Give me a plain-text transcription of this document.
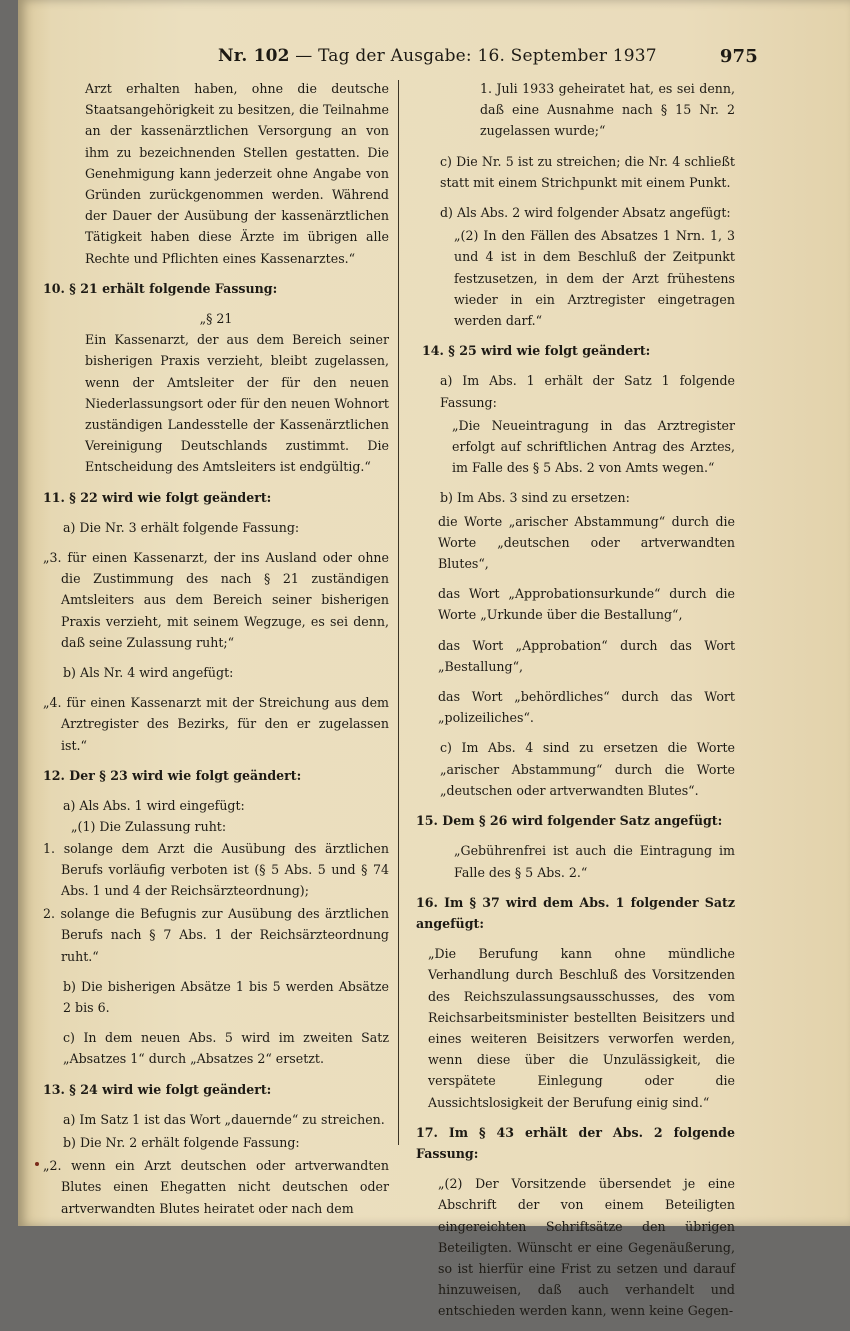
Nr. 102 — Tag der Ausgabe: 16. September 1937	975

Arzt erhalten haben, ohne die deutsche Staatsangehörigkeit zu besitzen, die Teilnahme an der kassenärztlichen Versorgung an von ihm zu bezeichnenden Stellen gestatten. Die Genehmigung kann jederzeit ohne Angabe von Gründen zurückgenommen werden. Während der Dauer der Ausübung der kassenärztlichen Tätigkeit haben diese Ärzte im übrigen alle Rechte und Pflichten eines Kassenarztes.“

10. § 21 erhält folgende Fassung:

„§ 21

Ein Kassenarzt, der aus dem Bereich seiner bisherigen Praxis verzieht, bleibt zugelassen, wenn der Amtsleiter der für den neuen Niederlassungsort oder für den neuen Wohnort zuständigen Landesstelle der Kassenärztlichen Vereinigung Deutschlands zustimmt. Die Entscheidung des Amtsleiters ist endgültig.“

11. § 22 wird wie folgt geändert:

a) Die Nr. 3 erhält folgende Fassung:

„3. für einen Kassenarzt, der ins Ausland oder ohne die Zustimmung des nach § 21 zuständigen Amtsleiters aus dem Bereich seiner bisherigen Praxis verzieht, mit seinem Wegzuge, es sei denn, daß seine Zulassung ruht;“

b) Als Nr. 4 wird angefügt:

„4. für einen Kassenarzt mit der Streichung aus dem Arztregister des Bezirks, für den er zugelassen ist.“

12. Der § 23 wird wie folgt geändert:

a) Als Abs. 1 wird eingefügt:

„(1) Die Zulassung ruht:

1. solange dem Arzt die Ausübung des ärztlichen Berufs vorläufig verboten ist (§ 5 Abs. 5 und § 74 Abs. 1 und 4 der Reichsärzteordnung);

2. solange die Befugnis zur Ausübung des ärztlichen Berufs nach § 7 Abs. 1 der Reichsärzteordnung ruht.“

b) Die bisherigen Absätze 1 bis 5 werden Absätze 2 bis 6.

c) In dem neuen Abs. 5 wird im zweiten Satz „Absatzes 1“ durch „Absatzes 2“ ersetzt.

13. § 24 wird wie folgt geändert:

a) Im Satz 1 ist das Wort „dauernde“ zu streichen.

b) Die Nr. 2 erhält folgende Fassung:

„2. wenn ein Arzt deutschen oder artverwandten Blutes einen Ehegatten nicht deutschen oder artverwandten Blutes heiratet oder nach dem

1. Juli 1933 geheiratet hat, es sei denn, daß eine Ausnahme nach § 15 Nr. 2 zugelassen wurde;“

c) Die Nr. 5 ist zu streichen; die Nr. 4 schließt statt mit einem Strichpunkt mit einem Punkt.

d) Als Abs. 2 wird folgender Absatz angefügt:

„(2) In den Fällen des Absatzes 1 Nrn. 1, 3 und 4 ist in dem Beschluß der Zeitpunkt festzusetzen, in dem der Arzt frühestens wieder in ein Arztregister eingetragen werden darf.“

14. § 25 wird wie folgt geändert:

a) Im Abs. 1 erhält der Satz 1 folgende Fassung:

„Die Neueintragung in das Arztregister erfolgt auf schriftlichen Antrag des Arztes, im Falle des § 5 Abs. 2 von Amts wegen.“

b) Im Abs. 3 sind zu ersetzen:

die Worte „arischer Abstammung“ durch die Worte „deutschen oder artverwandten Blutes“,

das Wort „Approbationsurkunde“ durch die Worte „Urkunde über die Bestallung“,

das Wort „Approbation“ durch das Wort „Bestallung“,

das Wort „behördliches“ durch das Wort „polizeiliches“.

c) Im Abs. 4 sind zu ersetzen die Worte „arischer Abstammung“ durch die Worte „deutschen oder artverwandten Blutes“.

15. Dem § 26 wird folgender Satz angefügt:

„Gebührenfrei ist auch die Eintragung im Falle des § 5 Abs. 2.“

16. Im § 37 wird dem Abs. 1 folgender Satz angefügt:

„Die Berufung kann ohne mündliche Verhandlung durch Beschluß des Vorsitzenden des Reichszulassungsausschusses, des vom Reichsarbeitsminister bestellten Beisitzers und eines weiteren Beisitzers verworfen werden, wenn diese über die Unzulässigkeit, die verspätete Einlegung oder die Aussichtslosigkeit der Berufung einig sind.“

17. Im § 43 erhält der Abs. 2 folgende Fassung:

„(2) Der Vorsitzende übersendet je eine Abschrift der von einem Beteiligten eingereichten Schriftsätze den übrigen Beteiligten. Wünscht er eine Gegenäußerung, so ist hierfür eine Frist zu setzen und darauf hinzuweisen, daß auch verhandelt und entschieden werden kann, wenn keine Gegen-
